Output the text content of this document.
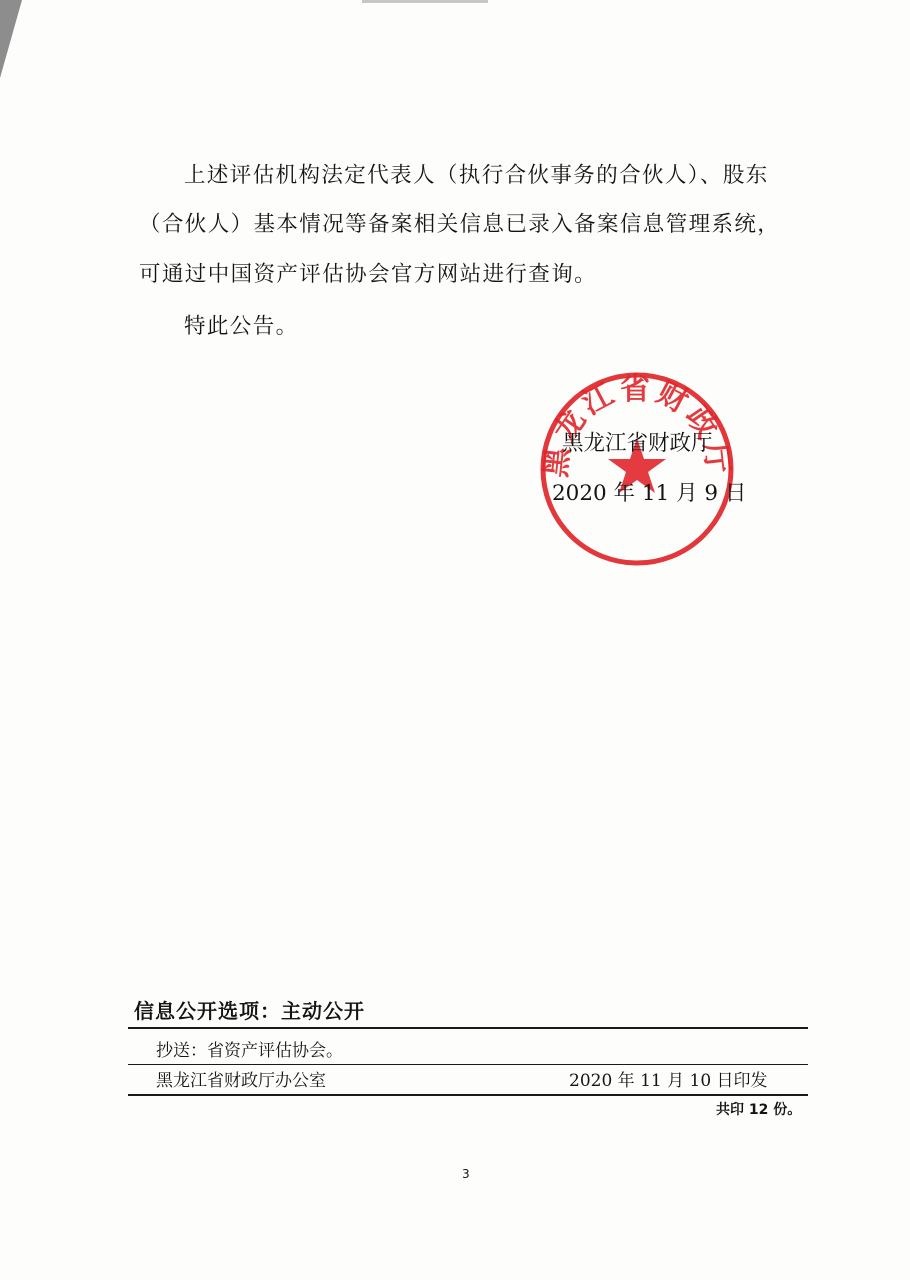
上述评估机构法定代表人（执行合伙事务的合伙人）、股东
（合伙人）基本情况等备案相关信息已录入备案信息管理系统，
可通过中国资产评估协会官方网站进行查询。
特此公告。
黑龙江省财政厅
黑龙江省财政厅
2020 年 11 月 9 日
信息公开选项：主动公开
抄送：省资产评估协会。
黑龙江省财政厅办公室	2020 年 11 月 10 日印发
共印 12 份。
3
